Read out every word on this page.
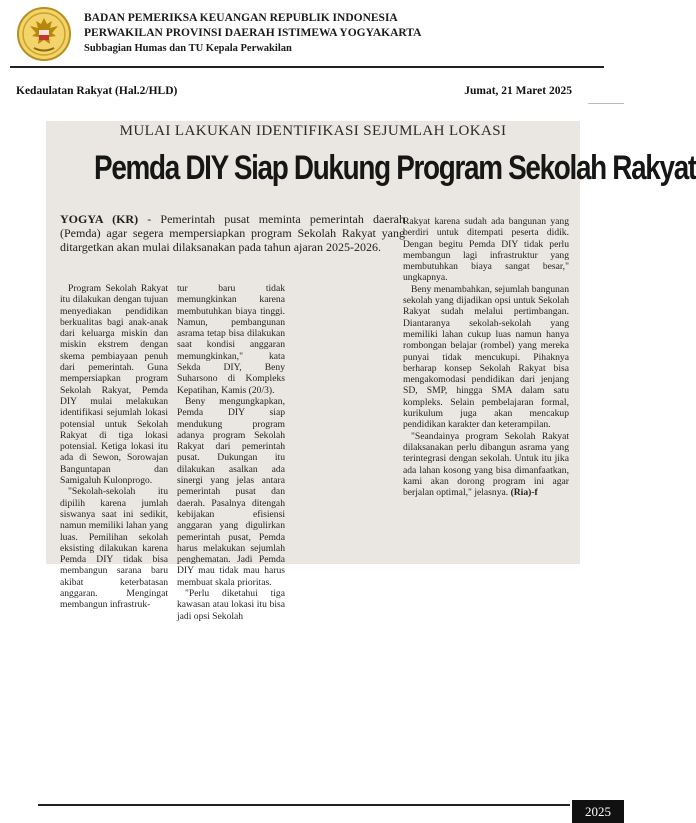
BADAN PEMERIKSA KEUANGAN REPUBLIK INDONESIA
PERWAKILAN PROVINSI DAERAH ISTIMEWA YOGYAKARTA
Subbagian Humas dan TU Kepala Perwakilan
Kedaulatan Rakyat (Hal.2/HLD)	Jumat, 21 Maret 2025
MULAI LAKUKAN IDENTIFIKASI SEJUMLAH LOKASI
Pemda DIY Siap Dukung Program Sekolah Rakyat
YOGYA (KR) - Pemerintah pusat meminta pemerintah daerah (Pemda) agar segera mempersiapkan program Sekolah Rakyat yang ditargetkan akan mulai dilaksanakan pada tahun ajaran 2025-2026.

Program Sekolah Rakyat itu dilakukan dengan tujuan menyediakan pendidikan berkualitas bagi anak-anak dari keluarga miskin dan miskin ekstrem dengan skema pembiayaan penuh dari pemerintah. Guna mempersiapkan program Sekolah Rakyat, Pemda DIY mulai melakukan identifikasi sejumlah lokasi potensial untuk Sekolah Rakyat di tiga lokasi potensial. Ketiga lokasi itu ada di Sewon, Sorowajan Banguntapan dan Samigaluh Kulonprogo.

"Sekolah-sekolah itu dipilih karena jumlah siswanya saat ini sedikit, namun memiliki lahan yang luas. Pemilihan sekolah eksisting dilakukan karena Pemda DIY tidak bisa membangun sarana baru akibat keterbatasan anggaran. Mengingat membangun infrastruk-

tur baru tidak memungkinkan karena membutuhkan biaya tinggi. Namun, pembangunan asrama tetap bisa dilakukan saat kondisi anggaran memungkinkan," kata Sekda DIY, Beny Suharsono di Kompleks Kepatihan, Kamis (20/3).

Beny mengungkapkan, Pemda DIY siap mendukung program adanya program Sekolah Rakyat dari pemerintah pusat. Dukungan itu dilakukan asalkan ada sinergi yang jelas antara pemerintah pusat dan daerah. Pasalnya ditengah kebijakan efisiensi anggaran yang digulirkan pemerintah pusat, Pemda harus melakukan sejumlah penghematan. Jadi Pemda DIY mau tidak mau harus membuat skala prioritas.

"Perlu diketahui tiga kawasan atau lokasi itu bisa jadi opsi Sekolah

Rakyat karena sudah ada bangunan yang berdiri untuk ditempati peserta didik. Dengan begitu Pemda DIY tidak perlu membangun lagi infrastruktur yang membutuhkan biaya sangat besar," ungkapnya.

Beny menambahkan, sejumlah bangunan sekolah yang dijadikan opsi untuk Sekolah Rakyat sudah melalui pertimbangan. Diantaranya sekolah-sekolah yang memiliki lahan cukup luas namun hanya rombongan belajar (rombel) yang mereka punyai tidak mencukupi. Pihaknya berharap konsep Sekolah Rakyat bisa mengakomodasi pendidikan dari jenjang SD, SMP, hingga SMA dalam satu kompleks. Selain pembelajaran formal, kurikulum juga akan mencakup pendidikan karakter dan keterampilan.

"Seandainya program Sekolah Rakyat dilaksanakan perlu dibangun asrama yang terintegrasi dengan sekolah. Untuk itu jika ada lahan kosong yang bisa dimanfaatkan, kami akan dorong program ini agar berjalan optimal," jelasnya. (Ria)-f

2025
